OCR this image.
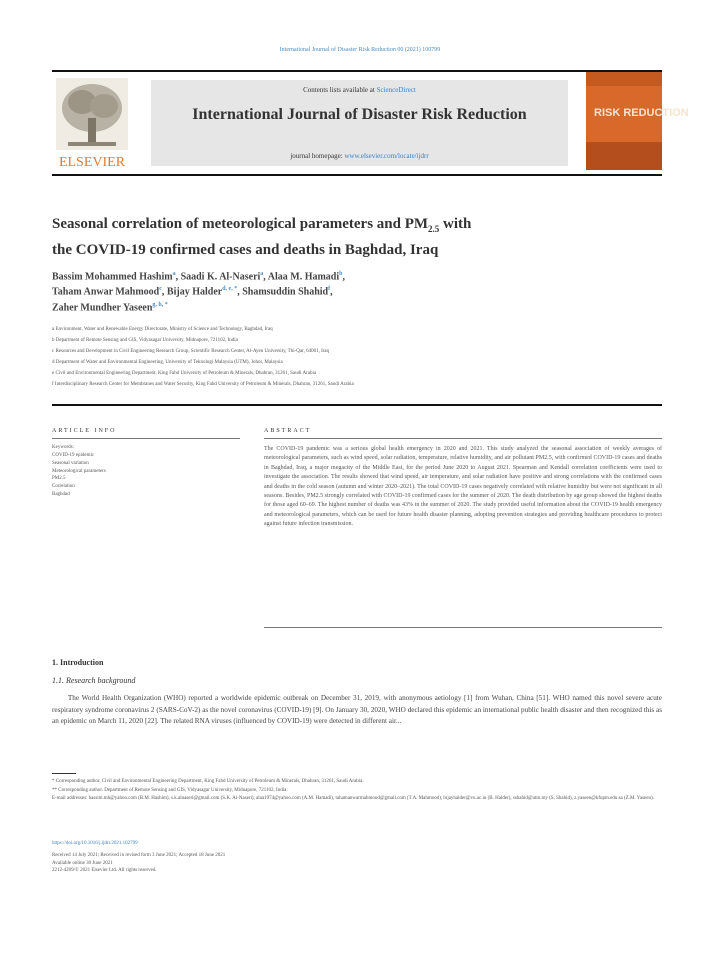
International Journal of Disaster Risk Reduction 00 (2021) 100799
ELSEVIER
Contents lists available at ScienceDirect
International Journal of Disaster Risk Reduction
journal homepage: www.elsevier.com/locate/ijdrr
RISK REDUCTION
Seasonal correlation of meteorological parameters and $PM_{2.5}$ with
the COVID-19 confirmed cases and deaths in Baghdad, Iraq
Bassim Mohammed Hashim$^a$, Saadi K. Al-Naseri$^a$, Alaa M. Hamadi$^b$,
Taham Anwar Mahmood$^c$, Bijay Halder$^{d, e, *}$, Shamsuddin Shahid$^f$,
Zaher Mundher Yaseen$^{g, h, *}$
a Environment, Water and Renewable Energy Directorate, Ministry of Science and Technology, Baghdad, Iraq
b Department of Remote Sensing and GIS, Vidyasagar University, Midnapore, 721102, India
c Resources and Development in Civil Engineering Research Group, Scientific Research Center, Al-Ayen University, Thi-Qar, 64001, Iraq
d Department of Water and Environmental Engineering, University of Teknologi Malaysia (UTM), Johor, Malaysia
e Civil and Environmental Engineering Department, King Fahd University of Petroleum & Minerals, Dhahran, 31261, Saudi Arabia
f Interdisciplinary Research Center for Membranes and Water Security, King Fahd University of Petroleum & Minerals, Dhahran, 31261, Saudi Arabia
ARTICLE INFO	ABSTRACT
Keywords:
COVID-19 epidemic
Seasonal variation
Meteorological parameters
PM2.5
Correlation
Baghdad
The COVID-19 pandemic was a serious global health emergency in 2020 and 2021. This study analyzed the seasonal association of weekly averages of meteorological parameters, such as wind speed, solar radiation, temperature, relative humidity, and air pollutant PM2.5, with confirmed COVID-19 cases and deaths in Baghdad, Iraq, a major megacity of the Middle East, for the period June 2020 to August 2021. Spearman and Kendall correlation coefficients were used to investigate the association. The results showed that wind speed, air temperature, and solar radiation have positive and strong correlations with the confirmed cases and deaths in the cold season (autumn and winter 2020–2021). The total COVID-19 cases negatively correlated with relative humidity but were not significant in all seasons. Besides, PM2.5 strongly correlated with COVID-19 confirmed cases for the summer of 2020. The death distribution by age group showed the highest deaths for those aged 60–69. The highest number of deaths was 43% in the summer of 2020. The study provided useful information about the COVID-19 health emergency and meteorological parameters, which can be used for future health disaster planning, adopting prevention strategies and providing healthcare procedures to protect against future infection transmission.
1. Introduction
1.1. Research background
The World Health Organization (WHO) reported a worldwide epidemic outbreak on December 31, 2019, with anonymous aetiology [1] from Wuhan, China [51]. WHO named this novel severe acute respiratory syndrome coronavirus 2 (SARS-CoV-2) as the novel coronavirus (COVID-19) [9]. On January 30, 2020, WHO declared this epidemic an international public health disaster and then recognized this as an epidemic on March 11, 2020 [22]. The related RNA viruses (influenced by COVID-19) were detected in different air...
* Corresponding author. Civil and Environmental Engineering Department, King Fahd University of Petroleum & Minerals, Dhahran, 31261, Saudi Arabia.
** Corresponding author. Department of Remote Sensing and GIS, Vidyasagar University, Midnapore, 721102, India.
E-mail addresses: bassim.mh@yahoo.com (B.M. Hashim), s.k.alnaseri@gmail.com (S.K. Al-Naseri), alaa1974@yahoo.com (A.M. Hamadi), tahamanwarmahmood@gmail.com (T.A. Mahmood), bijayhalder@vu.ac.in (B. Halder), sshahid@utm.my (S. Shahid), z.yaseen@kfupm.edu.sa (Z.M. Yaseen).
https://doi.org/10.1016/j.ijdrr.2021.102799
Received 14 July 2021; Received in revised form 3 June 2021; Accepted 18 June 2021
Available online 30 June 2021
2212-4209/© 2021 Elsevier Ltd. All rights reserved.
